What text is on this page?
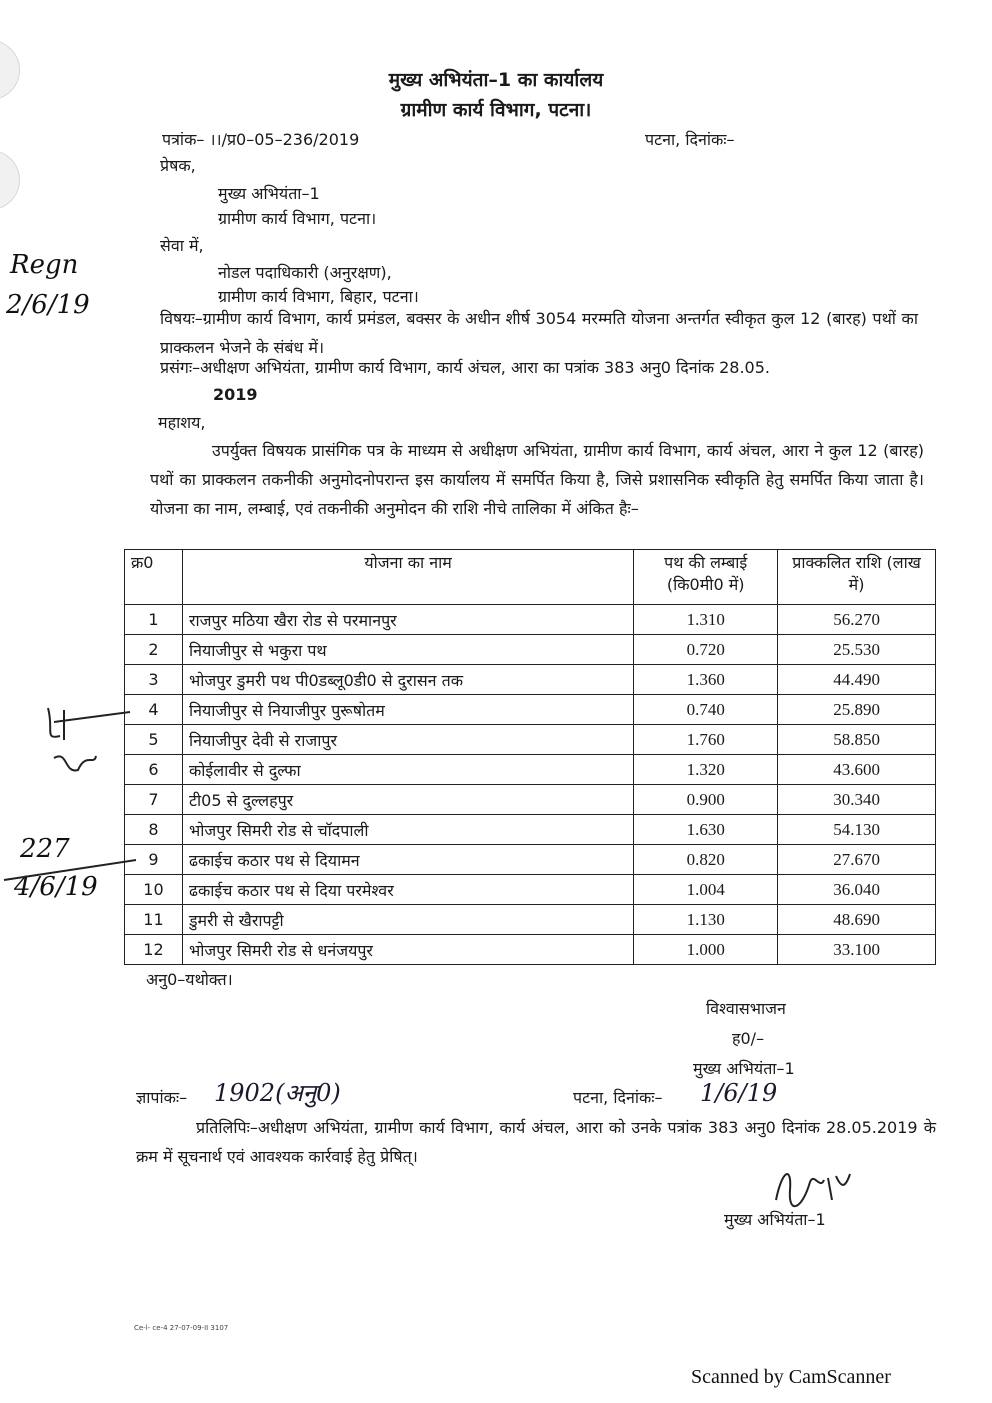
मुख्य अभियंता–1 का कार्यालय
ग्रामीण कार्य विभाग, पटना।
पत्रांक– ।।/प्र0–05–236/2019	पटना, दिनांकः–
प्रेषक,
मुख्य अभियंता–1
ग्रामीण कार्य विभाग, पटना।
सेवा में,
नोडल पदाधिकारी (अनुरक्षण),
ग्रामीण कार्य विभाग, बिहार, पटना।
विषयः–ग्रामीण कार्य विभाग, कार्य प्रमंडल, बक्सर के अधीन शीर्ष 3054 मरम्मति योजना अन्तर्गत स्वीकृत कुल 12 (बारह) पथों का प्राक्कलन भेजने के संबंध में।
प्रसंगः–अधीक्षण अभियंता, ग्रामीण कार्य विभाग, कार्य अंचल, आरा का पत्रांक 383 अनु0 दिनांक 28.05.
2019
महाशय,
उपर्युक्त विषयक प्रासंगिक पत्र के माध्यम से अधीक्षण अभियंता, ग्रामीण कार्य विभाग, कार्य अंचल, आरा ने कुल 12 (बारह) पथों का प्राक्कलन तकनीकी अनुमोदनोपरान्त इस कार्यालय में समर्पित किया है, जिसे प्रशासनिक स्वीकृति हेतु समर्पित किया जाता है। योजना का नाम, लम्बाई, एवं तकनीकी अनुमोदन की राशि नीचे तालिका में अंकित हैः–
क्र0	योजना का नाम	पथ की लम्बाई (कि0मी0 में)	प्राक्कलित राशि (लाख में)
1	राजपुर मठिया खैरा रोड से परमानपुर	1.310	56.270
2	नियाजीपुर से भकुरा पथ	0.720	25.530
3	भोजपुर डुमरी पथ पी0डब्लू0डी0 से दुरासन तक	1.360	44.490
4	नियाजीपुर से नियाजीपुर पुरूषोतम	0.740	25.890
5	नियाजीपुर देवी से राजापुर	1.760	58.850
6	कोईलावीर से दुल्फा	1.320	43.600
7	टी05 से दुल्लहपुर	0.900	30.340
8	भोजपुर सिमरी रोड से चॉदपाली	1.630	54.130
9	ढकाईच कठार पथ से दियामन	0.820	27.670
10	ढकाईच कठार पथ से दिया परमेश्वर	1.004	36.040
11	डुमरी से खैरापट्टी	1.130	48.690
12	भोजपुर सिमरी रोड से धनंजयपुर	1.000	33.100
अनु0–यथोक्त।
विश्वासभाजन
ह0/–
मुख्य अभियंता–1
ज्ञापांकः– 1902(अनु0)	पटना, दिनांकः– 1/6/19
प्रतिलिपिः–अधीक्षण अभियंता, ग्रामीण कार्य विभाग, कार्य अंचल, आरा को उनके पत्रांक 383 अनु0 दिनांक 28.05.2019 के क्रम में सूचनार्थ एवं आवश्यक कार्रवाई हेतु प्रेषित्।
मुख्य अभियंता–1
Regn
2/6/19
227
4/6/19
Ce-l- ce-4 27-07-09-II 3107
Scanned by CamScanner
